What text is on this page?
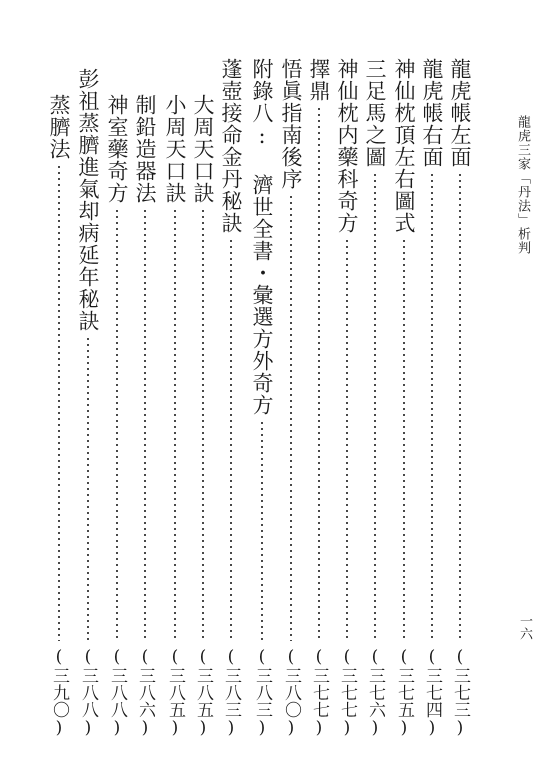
龍虎三家「丹法」析判
一六
龍虎帳左面
(三七三)
龍虎帳右面
(三七四)
神仙枕頂左右圖式
(三七五)
三足馬之圖
(三七六)
神仙枕内藥科奇方
(三七七)
擇鼎
(三七七)
悟眞指南後序
(三八〇)
附錄八: 濟世全書・彙選方外奇方
(三八三)
蓬壺接命金丹秘訣
(三八三)
大周天口訣
(三八五)
小周天口訣
(三八五)
制鉛造器法
(三八六)
神室藥奇方
(三八八)
彭祖蒸臍進氣却病延年秘訣
(三八八)
蒸臍法
(三九〇)
